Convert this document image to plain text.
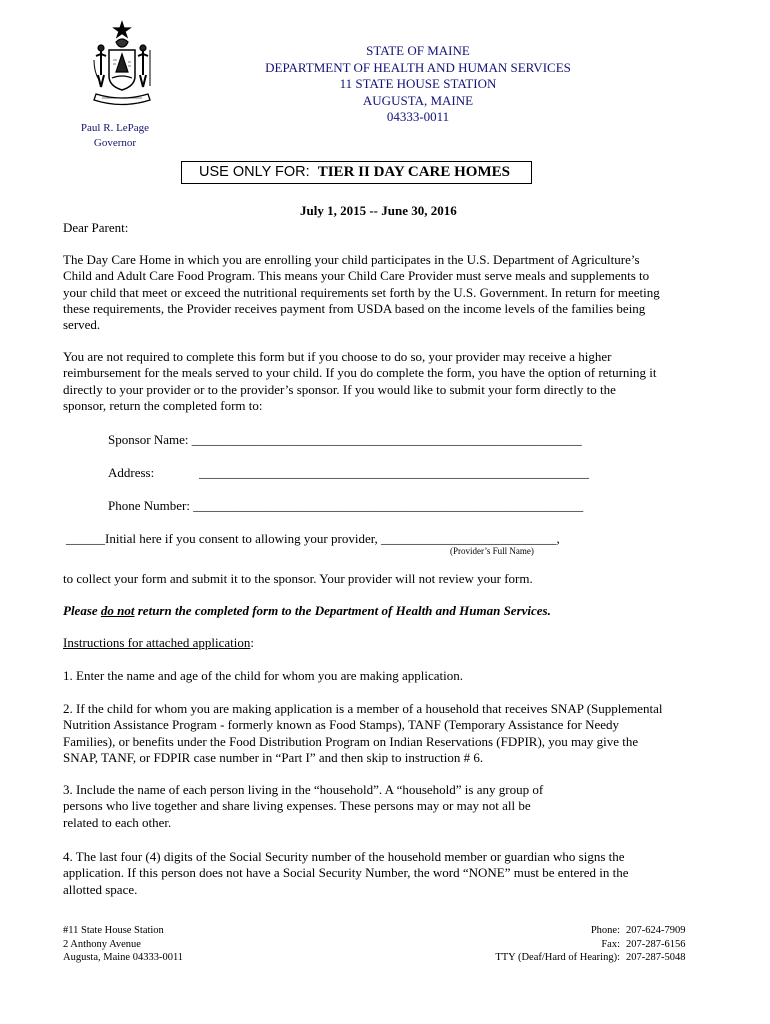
Paul R. LePage
Governor
STATE OF MAINE
DEPARTMENT OF HEALTH AND HUMAN SERVICES
11 STATE HOUSE STATION
AUGUSTA, MAINE
04333-0011
USE ONLY FOR: TIER II DAY CARE HOMES
July 1, 2015 -- June 30, 2016
Dear Parent:
The Day Care Home in which you are enrolling your child participates in the U.S. Department of Agriculture’s
Child and Adult Care Food Program. This means your Child Care Provider must serve meals and supplements to
your child that meet or exceed the nutritional requirements set forth by the U.S. Government. In return for meeting
these requirements, the Provider receives payment from USDA based on the income levels of the families being
served.
You are not required to complete this form but if you choose to do so, your provider may receive a higher
reimbursement for the meals served to your child. If you do complete the form, you have the option of returning it
directly to your provider or to the provider’s sponsor. If you would like to submit your form directly to the
sponsor, return the completed form to:
Sponsor Name: ____________________________________________________________
Address:	____________________________________________________________
Phone Number: ____________________________________________________________
______Initial here if you consent to allowing your provider, ___________________________,
(Provider’s Full Name)
to collect your form and submit it to the sponsor. Your provider will not review your form.
Please do not return the completed form to the Department of Health and Human Services.
Instructions for attached application:
1. Enter the name and age of the child for whom you are making application.
2. If the child for whom you are making application is a member of a household that receives SNAP (Supplemental
Nutrition Assistance Program - formerly known as Food Stamps), TANF (Temporary Assistance for Needy
Families), or benefits under the Food Distribution Program on Indian Reservations (FDPIR), you may give the
SNAP, TANF, or FDPIR case number in “Part I” and then skip to instruction # 6.
3. Include the name of each person living in the “household”. A “household” is any group of
persons who live together and share living expenses. These persons may or may not all be
related to each other.
4. The last four (4) digits of the Social Security number of the household member or guardian who signs the
application. If this person does not have a Social Security Number, the word “NONE” must be entered in the
allotted space.
#11 State House Station
2 Anthony Avenue
Augusta, Maine 04333-0011
Phone: 207-624-7909
Fax: 207-287-6156
TTY (Deaf/Hard of Hearing): 207-287-5048
